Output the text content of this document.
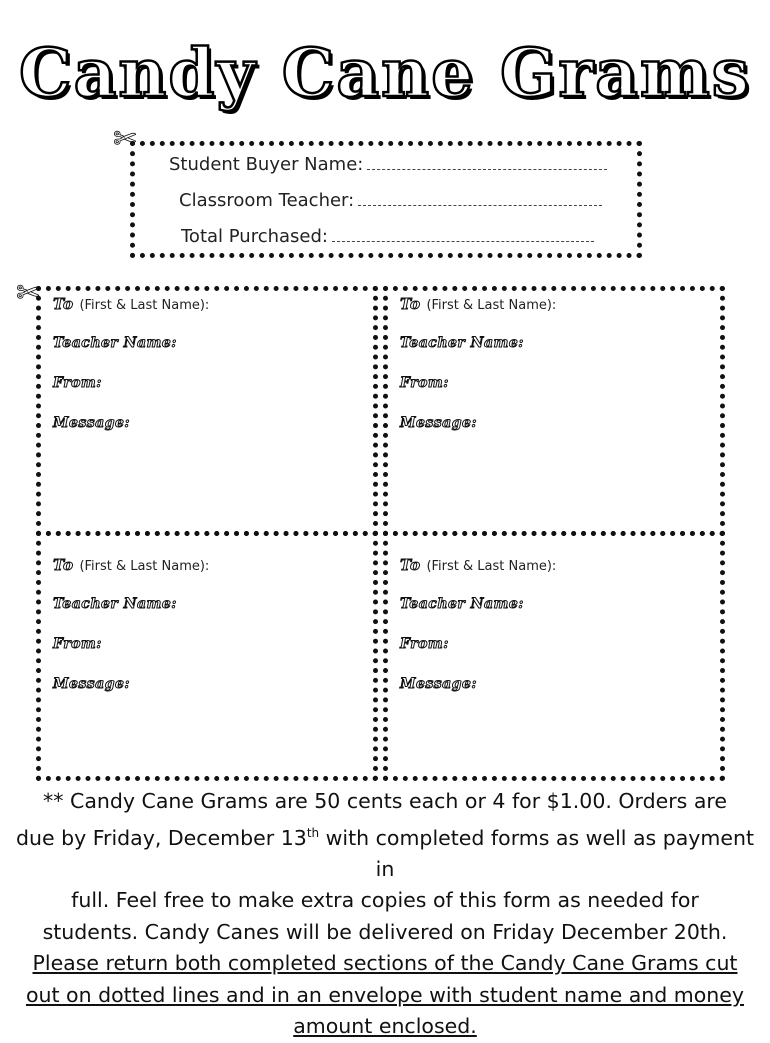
Candy Cane Grams
✄
Student Buyer Name:
Classroom Teacher:
Total Purchased:
✄ To (First & Last Name):
Teacher Name:
From:
Message:
To (First & Last Name):
Teacher Name:
From:
Message:
To (First & Last Name):
Teacher Name:
From:
Message:
To (First & Last Name):
Teacher Name:
From:
Message:
** Candy Cane Grams are 50 cents each or 4 for $1.00. Orders are
due by Friday, December 13th with completed forms as well as payment in
full. Feel free to make extra copies of this form as needed for
students. Candy Canes will be delivered on Friday December 20th.
Please return both completed sections of the Candy Cane Grams cut
out on dotted lines and in an envelope with student name and money
amount enclosed.
